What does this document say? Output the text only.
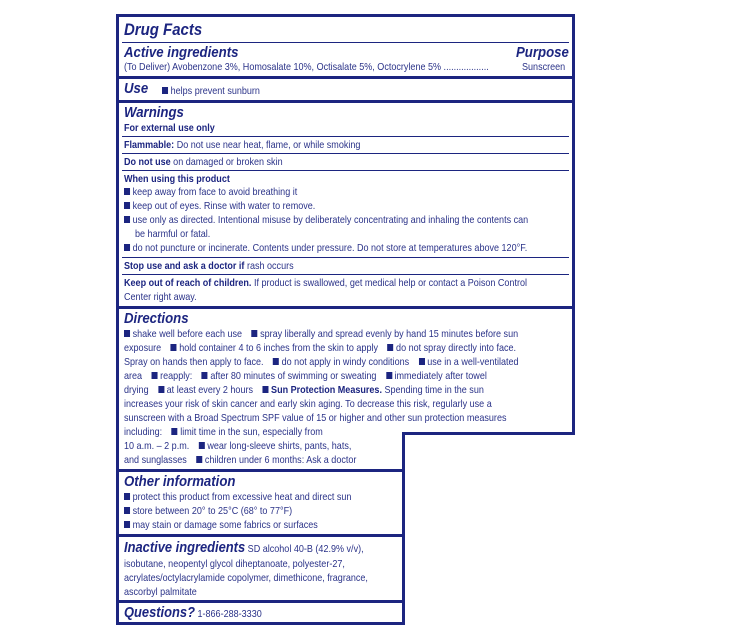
Drug Facts
Active ingredients	Purpose
(To Deliver) Avobenzone 3%, Homosalate 10%, Octisalate 5%, Octocrylene 5% ..................	Sunscreen
Use	helps prevent sunburn
Warnings
For external use only
Flammable: Do not use near heat, flame, or while smoking
Do not use on damaged or broken skin
When using this product
keep away from face to avoid breathing it
keep out of eyes. Rinse with water to remove.
use only as directed. Intentional misuse by deliberately concentrating and inhaling the contents can
be harmful or fatal.
do not puncture or incinerate. Contents under pressure. Do not store at temperatures above 120°F.
Stop use and ask a doctor if rash occurs
Keep out of reach of children. If product is swallowed, get medical help or contact a Poison Control
Center right away.
Directions
shake well before each use spray liberally and spread evenly by hand 15 minutes before sun
exposure hold container 4 to 6 inches from the skin to apply do not spray directly into face.
Spray on hands then apply to face. do not apply in windy conditions use in a well-ventilated
area reapply: after 80 minutes of swimming or sweating immediately after towel
drying at least every 2 hours Sun Protection Measures. Spending time in the sun
increases your risk of skin cancer and early skin aging. To decrease this risk, regularly use a
sunscreen with a Broad Spectrum SPF value of 15 or higher and other sun protection measures
including: limit time in the sun, especially from
10 a.m. – 2 p.m. wear long-sleeve shirts, pants, hats,
and sunglasses children under 6 months: Ask a doctor
Other information
protect this product from excessive heat and direct sun
store between 20° to 25°C (68° to 77°F)
may stain or damage some fabrics or surfaces
Inactive ingredients SD alcohol 40-B (42.9% v/v),
isobutane, neopentyl glycol diheptanoate, polyester-27,
acrylates/octylacrylamide copolymer, dimethicone, fragrance,
ascorbyl palmitate
Questions? 1-866-288-3330
